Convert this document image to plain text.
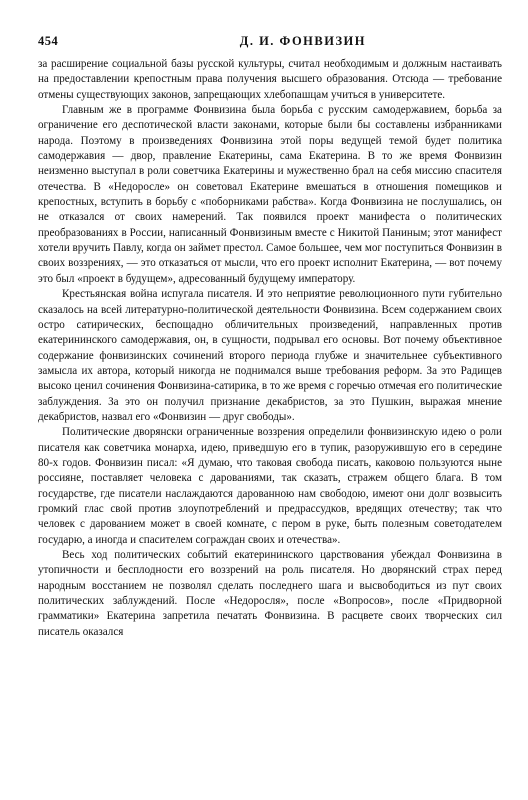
454	Д. И. ФОНВИЗИН

за расширение социальной базы русской культуры, считал необходимым и должным настаивать на предоставлении крепостным права получения высшего образования. Отсюда — требование отмены существующих законов, запрещающих хлебопашцам учиться в университете.

Главным же в программе Фонвизина была борьба с русским самодержавием, борьба за ограничение его деспотической власти законами, которые были бы составлены избранниками народа. Поэтому в произведениях Фонвизина этой поры ведущей темой будет политика самодержавия — двор, правление Екатерины, сама Екатерина. В то же время Фонвизин неизменно выступал в роли советчика Екатерины и мужественно брал на себя миссию спасителя отечества. В «Недоросле» он советовал Екатерине вмешаться в отношения помещиков и крепостных, вступить в борьбу с «поборниками рабства». Когда Фонвизина не послушались, он не отказался от своих намерений. Так появился проект манифеста о политических преобразованиях в России, написанный Фонвизиным вместе с Никитой Паниным; этот манифест хотели вручить Павлу, когда он займет престол. Самое большее, чем мог поступиться Фонвизин в своих воззрениях, — это отказаться от мысли, что его проект исполнит Екатерина, — вот почему это был «проект в будущем», адресованный будущему императору.

Крестьянская война испугала писателя. И это неприятие революционного пути губительно сказалось на всей литературно-политической деятельности Фонвизина. Всем содержанием своих остро сатирических, беспощадно обличительных произведений, направленных против екатерининского самодержавия, он, в сущности, подрывал его основы. Вот почему объективное содержание фонвизинских сочинений второго периода глубже и значительнее субъективного замысла их автора, который никогда не поднимался выше требования реформ. За это Радищев высоко ценил сочинения Фонвизина-сатирика, в то же время с горечью отмечая его политические заблуждения. За это он получил признание декабристов, за это Пушкин, выражая мнение декабристов, назвал его «Фонвизин — друг свободы».

Политические дворянски ограниченные воззрения определили фонвизинскую идею о роли писателя как советчика монарха, идею, приведшую его в тупик, разоружившую его в середине 80-х годов. Фонвизин писал: «Я думаю, что таковая свобода писать, каковою пользуются ныне россияне, поставляет человека с дарованиями, так сказать, стражем общего блага. В том государстве, где писатели наслаждаются дарованною нам свободою, имеют они долг возвысить громкий глас свой против злоупотреблений и предрассудков, вредящих отечеству; так что человек с дарованием может в своей комнате, с пером в руке, быть полезным советодателем государю, а иногда и спасителем сограждан своих и отечества».

Весь ход политических событий екатерининского царствования убеждал Фонвизина в утопичности и бесплодности его воззрений на роль писателя. Но дворянский страх перед народным восстанием не позволял сделать последнего шага и высвободиться из пут своих политических заблуждений. После «Недоросля», после «Вопросов», после «Придворной грамматики» Екатерина запретила печатать Фонвизина. В расцвете своих творческих сил писатель оказался
